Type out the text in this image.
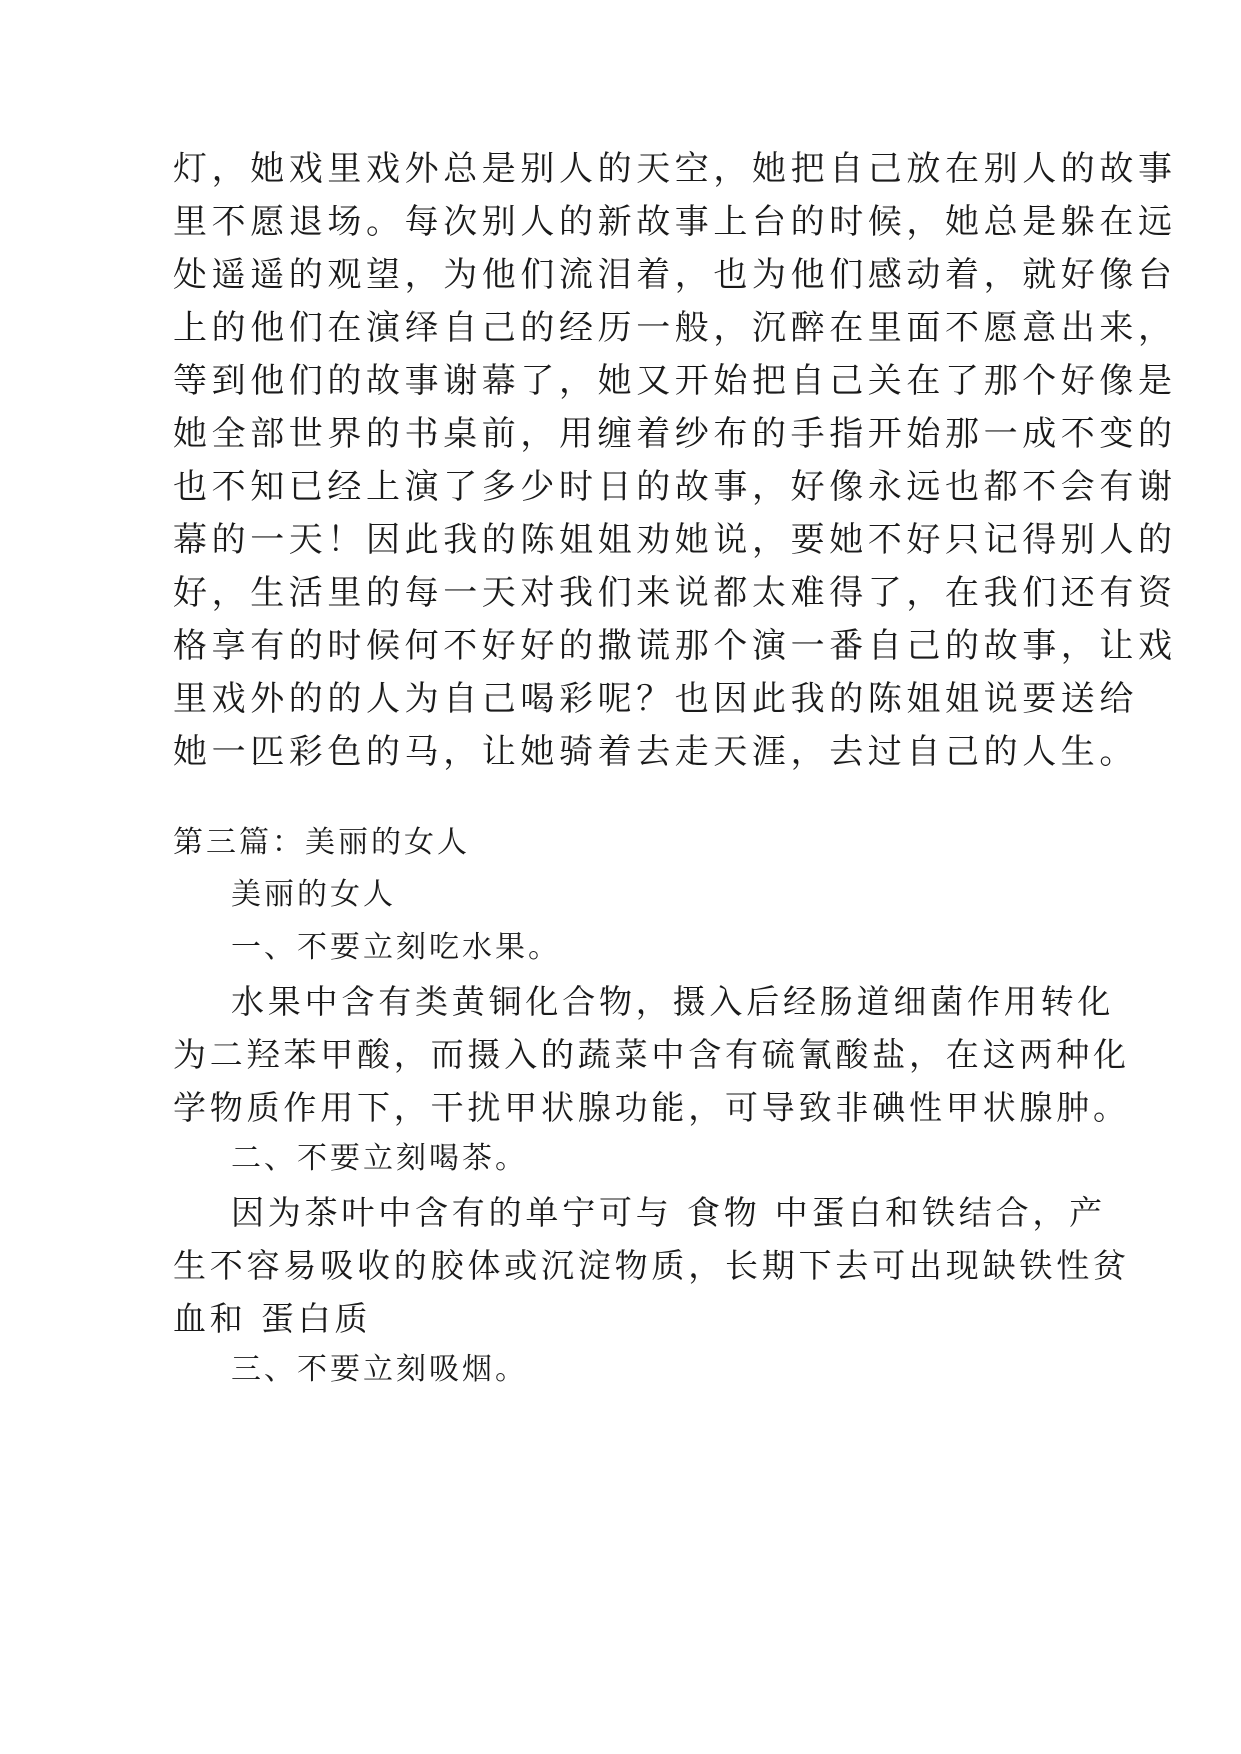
灯，她戏里戏外总是别人的天空，她把自己放在别人的故事
里不愿退场。每次别人的新故事上台的时候，她总是躲在远
处遥遥的观望，为他们流泪着，也为他们感动着，就好像台
上的他们在演绎自己的经历一般，沉醉在里面不愿意出来，
等到他们的故事谢幕了，她又开始把自己关在了那个好像是
她全部世界的书桌前，用缠着纱布的手指开始那一成不变的
也不知已经上演了多少时日的故事，好像永远也都不会有谢
幕的一天！因此我的陈姐姐劝她说，要她不好只记得别人的
好，生活里的每一天对我们来说都太难得了，在我们还有资
格享有的时候何不好好的撒谎那个演一番自己的故事，让戏
里戏外的的人为自己喝彩呢？也因此我的陈姐姐说要送给
她一匹彩色的马，让她骑着去走天涯，去过自己的人生。
第三篇：美丽的女人
美丽的女人
一、不要立刻吃水果。
水果中含有类黄铜化合物，摄入后经肠道细菌作用转化
为二羟苯甲酸，而摄入的蔬菜中含有硫氰酸盐，在这两种化
学物质作用下，干扰甲状腺功能，可导致非碘性甲状腺肿。
二、不要立刻喝茶。
因为茶叶中含有的单宁可与 食物 中蛋白和铁结合，产
生不容易吸收的胶体或沉淀物质，长期下去可出现缺铁性贫
血和 蛋白质
三、不要立刻吸烟。
